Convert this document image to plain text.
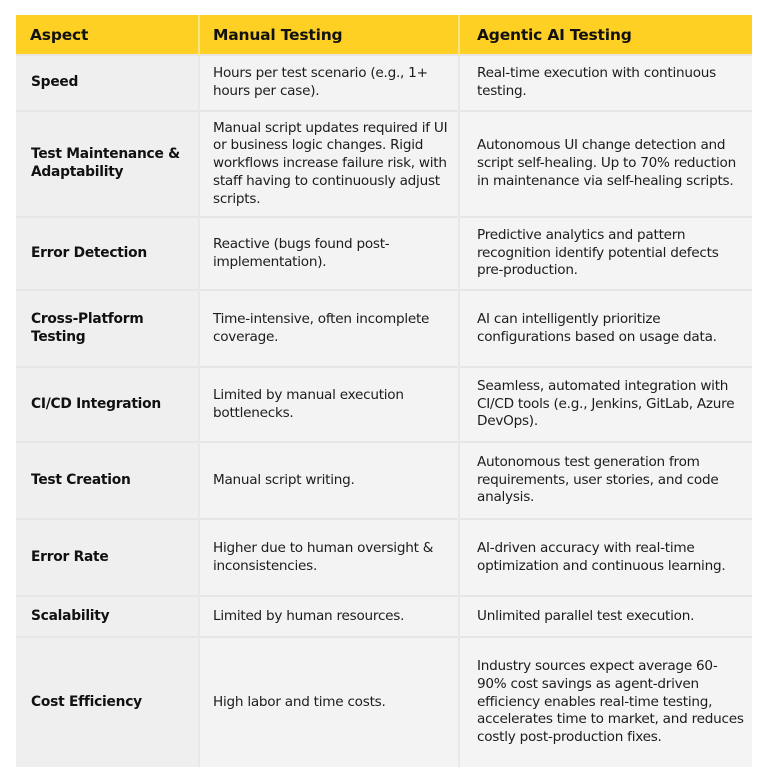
Aspect	Manual Testing	Agentic AI Testing
Speed	Hours per test scenario (e.g., 1+ hours per case).	Real-time execution with continuous testing.
Test Maintenance & Adaptability	Manual script updates required if UI or business logic changes. Rigid workflows increase failure risk, with staff having to continuously adjust scripts.	Autonomous UI change detection and script self-healing. Up to 70% reduction in maintenance via self-healing scripts.
Error Detection	Reactive (bugs found post-implementation).	Predictive analytics and pattern recognition identify potential defects pre-production.
Cross-Platform Testing	Time-intensive, often incomplete coverage.	AI can intelligently prioritize configurations based on usage data.
CI/CD Integration	Limited by manual execution bottlenecks.	Seamless, automated integration with CI/CD tools (e.g., Jenkins, GitLab, Azure DevOps).
Test Creation	Manual script writing.	Autonomous test generation from requirements, user stories, and code analysis.
Error Rate	Higher due to human oversight & inconsistencies.	AI-driven accuracy with real-time optimization and continuous learning.
Scalability	Limited by human resources.	Unlimited parallel test execution.
Cost Efficiency	High labor and time costs.	Industry sources expect average 60-90% cost savings as agent-driven efficiency enables real-time testing, accelerates time to market, and reduces costly post-production fixes.
